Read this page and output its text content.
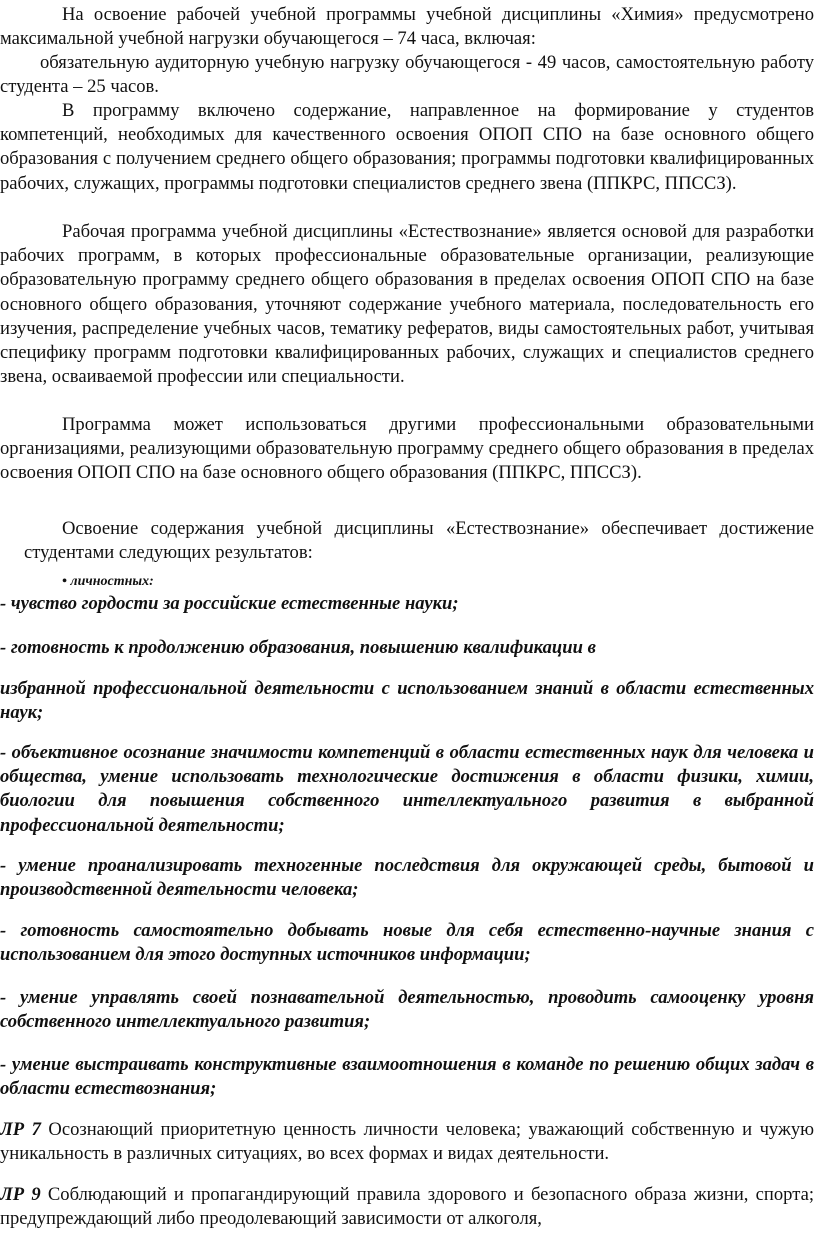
На освоение рабочей учебной программы учебной дисциплины «Химия» предусмотрено максимальной учебной нагрузки обучающегося – 74 часа, включая:

обязательную аудиторную учебную нагрузку обучающегося - 49 часов, самостоятельную работу студента – 25 часов.

В программу включено содержание, направленное на формирование у студентов компетенций, необходимых для качественного освоения ОПОП СПО на базе основного общего образования с получением среднего общего образования; программы подготовки квалифицированных рабочих, служащих, программы подготовки специалистов среднего звена (ППКРС, ППССЗ).

Рабочая программа учебной дисциплины «Естествознание» является основой для разработки рабочих программ, в которых профессиональные образовательные организации, реализующие образовательную программу среднего общего образования в пределах освоения ОПОП СПО на базе основного общего образования, уточняют содержание учебного материала, последовательность его изучения, распределение учебных часов, тематику рефератов, виды самостоятельных работ, учитывая специфику программ подготовки квалифицированных рабочих, служащих и специалистов среднего звена, осваиваемой профессии или специальности.

Программа может использоваться другими профессиональными образовательными организациями, реализующими образовательную программу среднего общего образования в пределах освоения ОПОП СПО на базе основного общего образования (ППКРС, ППССЗ).

Освоение содержания учебной дисциплины «Естествознание» обеспечивает достижение студентами следующих результатов:

• личностных:

- чувство гордости за российские естественные науки;

- готовность к продолжению образования, повышению квалификации в

избранной профессиональной деятельности с использованием знаний в области естественных наук;

- объективное осознание значимости компетенций в области естественных наук для человека и общества, умение использовать технологические достижения в области физики, химии, биологии для повышения собственного интеллектуального развития в выбранной профессиональной деятельности;

- умение проанализировать техногенные последствия для окружающей среды, бытовой и производственной деятельности человека;

- готовность самостоятельно добывать новые для себя естественно-научные знания с использованием для этого доступных источников информации;

- умение управлять своей познавательной деятельностью, проводить самооценку уровня собственного интеллектуального развития;

- умение выстраивать конструктивные взаимоотношения в команде по решению общих задач в области естествознания;

ЛР 7 Осознающий приоритетную ценность личности человека; уважающий собственную и чужую уникальность в различных ситуациях, во всех формах и видах деятельности.

ЛР 9 Соблюдающий и пропагандирующий правила здорового и безопасного образа жизни, спорта; предупреждающий либо преодолевающий зависимости от алкоголя,
